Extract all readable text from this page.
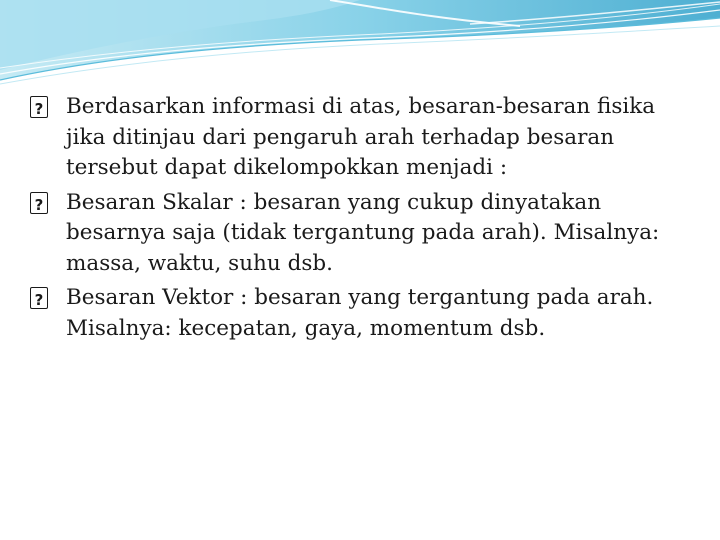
?
Berdasarkan informasi di atas, besaran-besaran fisika jika ditinjau dari pengaruh arah terhadap besaran tersebut dapat dikelompokkan menjadi :
?
Besaran Skalar : besaran yang cukup dinyatakan besarnya saja (tidak tergantung pada arah). Misalnya: massa, waktu, suhu dsb.
?
Besaran Vektor : besaran yang tergantung pada arah. Misalnya: kecepatan, gaya, momentum dsb.
